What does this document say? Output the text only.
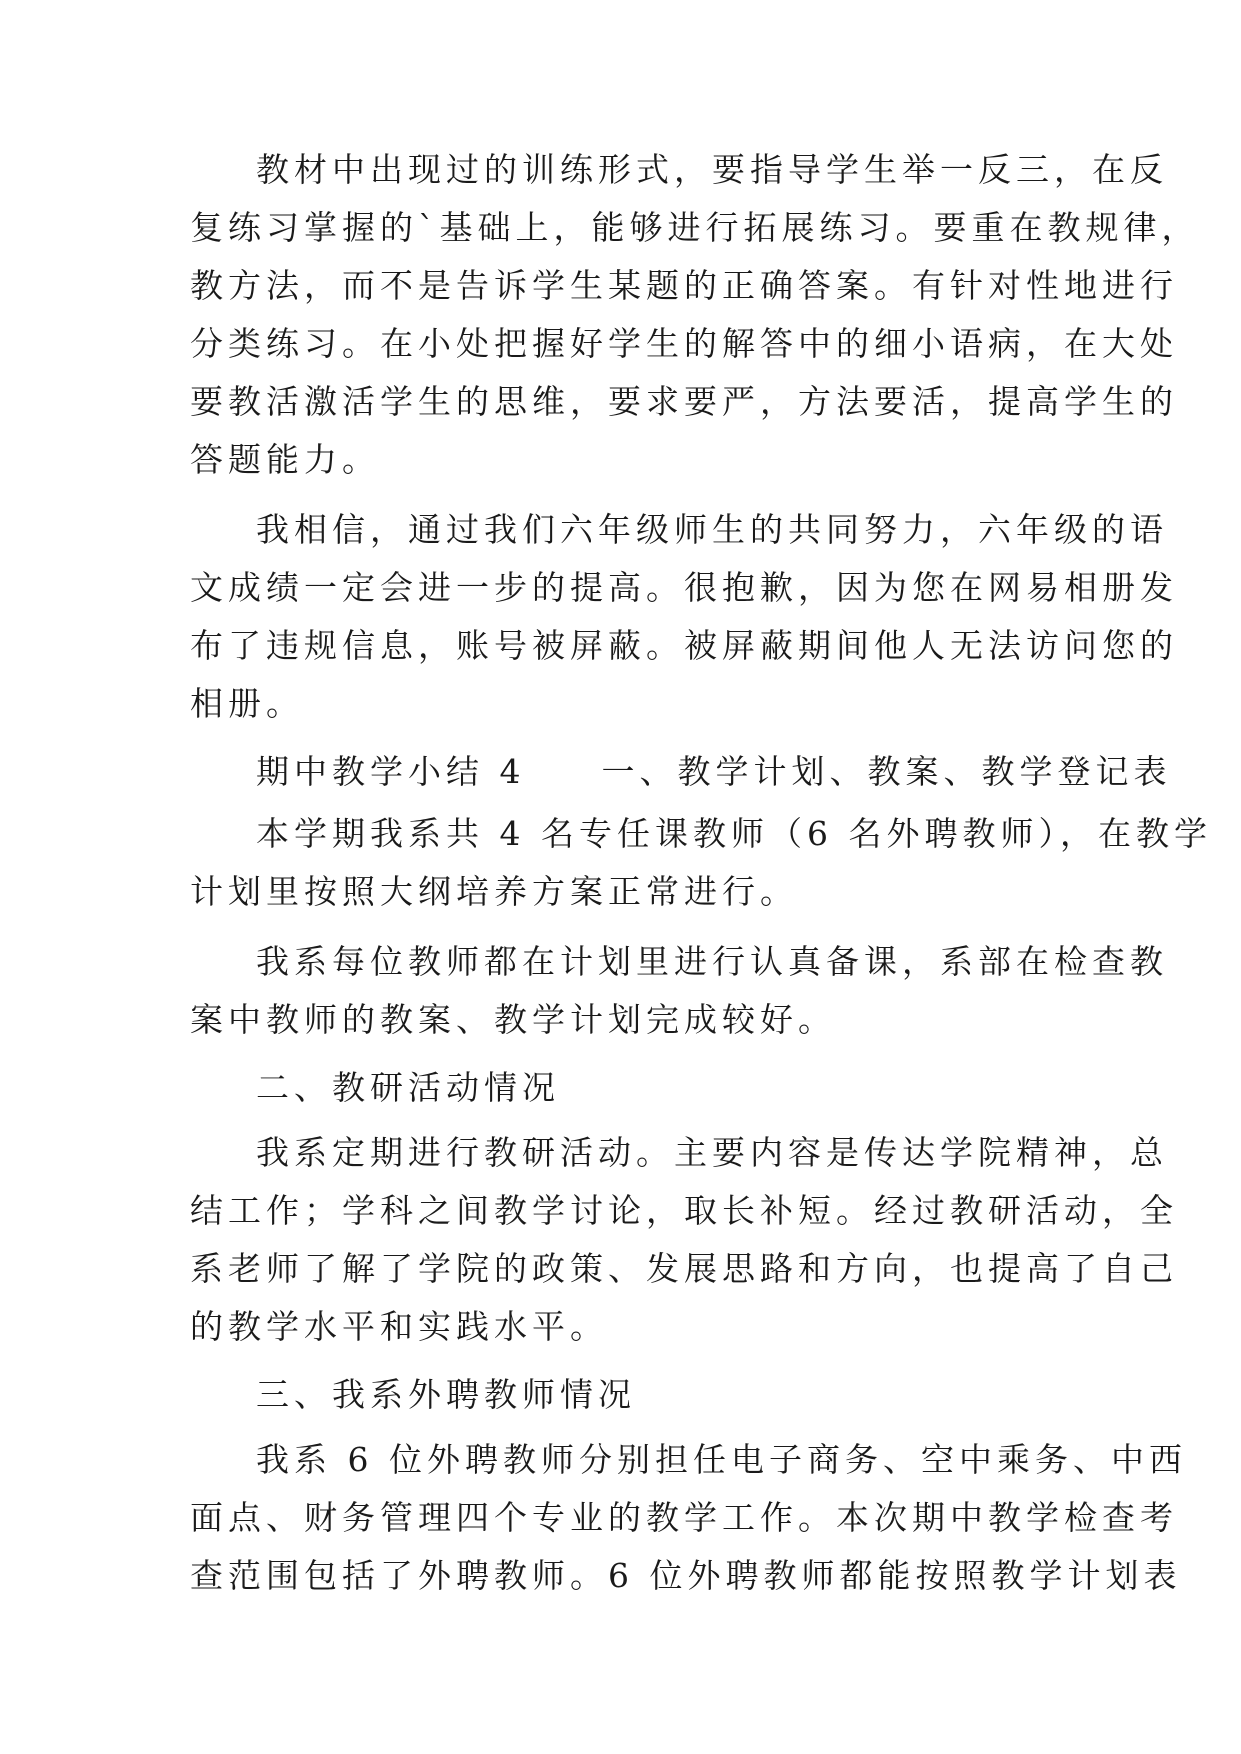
教材中出现过的训练形式，要指导学生举一反三，在反
复练习掌握的`基础上，能够进行拓展练习。要重在教规律，
教方法，而不是告诉学生某题的正确答案。有针对性地进行
分类练习。在小处把握好学生的解答中的细小语病，在大处
要教活激活学生的思维，要求要严，方法要活，提高学生的
答题能力。
我相信，通过我们六年级师生的共同努力，六年级的语
文成绩一定会进一步的提高。很抱歉，因为您在网易相册发
布了违规信息，账号被屏蔽。被屏蔽期间他人无法访问您的
相册。
期中教学小结 4　　一、教学计划、教案、教学登记表
本学期我系共 4 名专任课教师（6 名外聘教师），在教学
计划里按照大纲培养方案正常进行。
我系每位教师都在计划里进行认真备课，系部在检查教
案中教师的教案、教学计划完成较好。
二、教研活动情况
我系定期进行教研活动。主要内容是传达学院精神，总
结工作；学科之间教学讨论，取长补短。经过教研活动，全
系老师了解了学院的政策、发展思路和方向，也提高了自己
的教学水平和实践水平。
三、我系外聘教师情况
我系 6 位外聘教师分别担任电子商务、空中乘务、中西
面点、财务管理四个专业的教学工作。本次期中教学检查考
查范围包括了外聘教师。6 位外聘教师都能按照教学计划表
